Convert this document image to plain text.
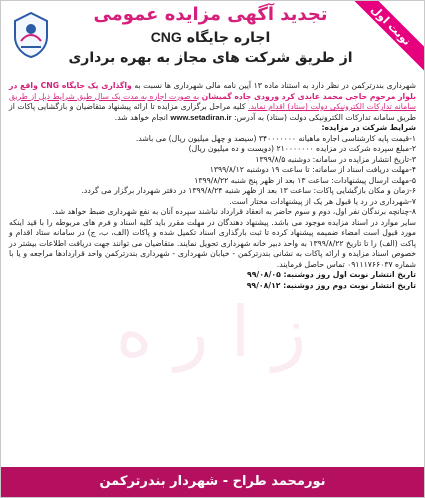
نوبت اول
تجدید آگهی مزایده عمومی
اجاره جایگاه CNG
از طریق شرکت های مجاز به بهره برداری
ز ا ر ه

شهرداری بندرترکمن در نظر دارد به استناد ماده ۱۳ آیین نامه مالی شهرداری ها نسبت به واگذاری یک جایگاه CNG واقع در بلوار مرحوم حاجی محمد عابدی کرد ورودی جاده گمیشان به صورت اجاره به مدت یک سال طبق شرایط ذیل از طریق سامانه تدارکات الکترونیکی دولت (ستاد) اقدام نماید. کلیه مراحل برگزاری مزایده تا ارائه پیشنهاد متقاضیان و بازگشایی پاکات از طریق سامانه تدارکات الکترونیکی دولت (ستاد) به آدرس: www.setadiran.ir انجام خواهد شد.

شرایط شرکت در مزایده:

۱-قیمت پایه کارشناسی اجاره ماهیانه ۳۴۰۰۰۰۰۰۰ (سیصد و چهل میلیون ریال) می باشد.

۲-مبلغ سپرده شرکت در مزایده ۲۱۰۰۰۰۰۰۰ (دویست و ده میلیون ریال)

۳-تاریخ انتشار مزایده در سامانه: دوشنبه ۱۳۹۹/۸/۵

۴-مهلت دریافت اسناد از سامانه: تا ساعت ۱۹ دوشنبه ۱۳۹۹/۸/۱۲

۵-مهلت ارسال پیشنهادات: ساعت ۱۳ بعد از ظهر پنج شنبه ۱۳۹۹/۸/۲۲

۶-زمان و مکان بازگشایی پاکات: ساعت ۱۳ بعد از ظهر شنبه ۱۳۹۹/۸/۲۴ در دفتر شهردار برگزار می گردد.

۷-شهرداری در رد یا قبول هر یک از پیشنهادات مختار است.

۸-چنانچه برندگان نفر اول، دوم و سوم حاضر به انعقاد قرارداد نباشند سپرده آنان به نفع شهرداری ضبط خواهد شد.

سایر موارد در اسناد مزایده موجود می باشد. پیشنهاد دهندگان در مهلت مقرر باید کلیه اسناد و فرم های مربوطه را با قید اینکه مورد قبول است امضاء ضمیمه پیشنهاد کرده تا ثبت بارگذاری اسناد تکمیل شده و پاکات (الف، ب، ج) در سامانه ستاد اقدام و پاکت (الف) را تا تاریخ ۱۳۹۹/۸/۲۲ به واحد دبیر خانه شهرداری تحویل نمایند. متقاضیان می توانند جهت دریافت اطلاعات بیشتر در خصوص اسناد مزایده و ارائه پاکات به نشانی بندرترکمن - خیابان شهرداری - شهرداری بندرترکمن واحد قراردادها مراجعه و یا با شماره ۰۹۱۱۱۷۶۶۰۳۷ تماس حاصل فرمایند.

تاریخ انتشار نوبت اول روز دوشنبه: ۹۹/۰۸/۰۵

تاریخ انتشار نوبت دوم روز دوشنبه: ۹۹/۰۸/۱۲

نورمحمد طراح - شهردار بندرترکمن
